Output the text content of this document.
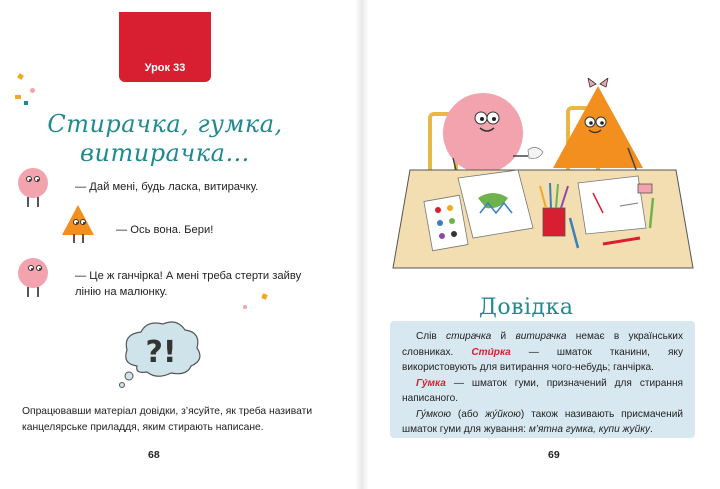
Урок 33
Стирачка, гумка,
витирачка…
— Дай мені, будь ласка, витирачку.
— Ось вона. Бери!
— Це ж ганчірка! А мені треба стерти зайву лінію на малюнку.
?!
Опрацювавши матеріал довідки, з’ясуйте, як треба називати канцелярське приладдя, яким стирають написане.
68
Довідка

Слів стирачка й витирачка немає в українських словниках. Сти́рка — шматок тканини, яку використовують для витирання чого-небудь; ганчірка.

Гу́мка — шматок гуми, призначений для стирання написаного.

Гу́мкою (або жу́йкою) також називають присмачений шматок гуми для жування: м’ятна гумка, купи жуйку.

69
